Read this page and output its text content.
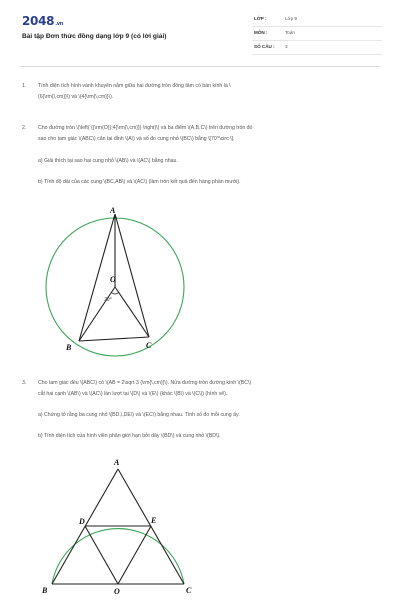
2048.vn
Bài tập Đơn thức đồng dạng lớp 9 (có lời giải)
LỚP :	Lớp 9
MÔN :	Toán
SỐ CÂU : 3
1. Tính diện tích hình vành khuyên nằm giữa hai đường tròn đồng tâm có bán kính là \
(6{\rm{\,cm}}\) và \(4{\rm{\,cm}}\).
2. Cho đường tròn \(\left( {{\rm{O}};4{\rm{\,cm}}} \right)\) và ba điểm \(A,B,C\) trên đường tròn đó
sao cho tam giác \(ABC\) cân tại đỉnh \(A\) và số đo cung nhỏ \(BC\) bằng \[70^\circ \].
a) Giải thích tại sao hai cung nhỏ \(AB\) và \(AC\) bằng nhau.
b) Tính độ dài của các cung \(BC,AB\) và \(AC\) (làm tròn kết quả đến hàng phần mười).
3. Cho tam giác đều \(ABC\) có \(AB = 2\sqrt 3 {\rm{\,cm}}\). Nửa đường tròn đường kính \(BC\)
cắt hai cạnh \(AB\) và \(AC\) lần lượt tại \(D\) và \(E\) (khác \(B\) và \(C\)) (hình vẽ).
a) Chứng tỏ rằng ba cung nhỏ \(BD,\,DE\) và \(EC\) bằng nhau. Tính số đo mỗi cung ấy.
b) Tính diện tích của hình viên phân giới hạn bởi dây \(BD\) và cung nhỏ \(BD\).
A
B	C
O
70°
A
B	C
D	E
O
